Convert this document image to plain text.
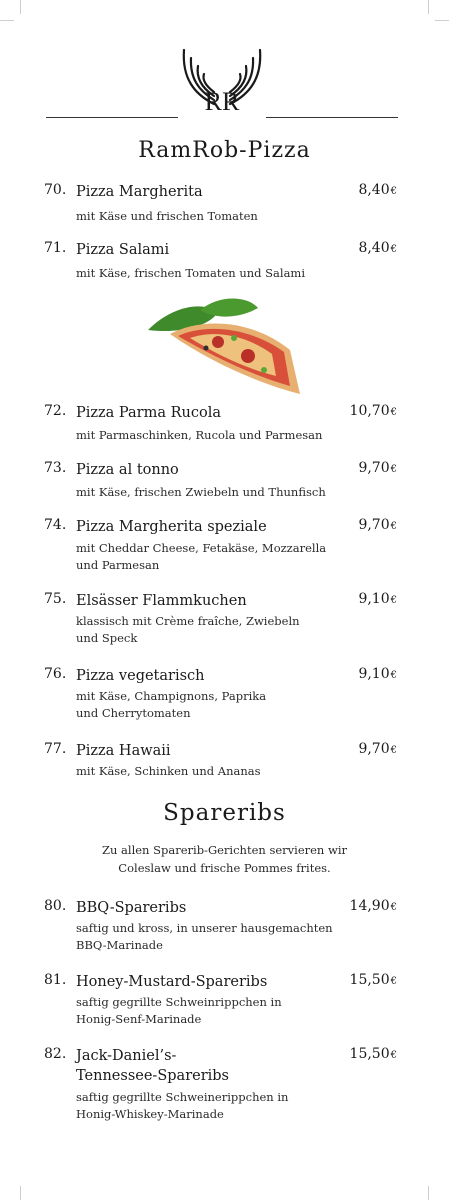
RR
RamRob-Pizza
70. Pizza Margherita	8,40€
mit Käse und frischen Tomaten
71. Pizza Salami	8,40€
mit Käse, frischen Tomaten und Salami
72. Pizza Parma Rucola	10,70€
mit Parmaschinken, Rucola und Parmesan
73. Pizza al tonno	9,70€
mit Käse, frischen Zwiebeln und Thunfisch
74. Pizza Margherita speziale	9,70€
mit Cheddar Cheese, Fetakäse, Mozzarella
und Parmesan
75. Elsässer Flammkuchen	9,10€
klassisch mit Crème fraîche, Zwiebeln
und Speck
76. Pizza vegetarisch	9,10€
mit Käse, Champignons, Paprika
und Cherrytomaten
77. Pizza Hawaii	9,70€
mit Käse, Schinken und Ananas
Spareribs
Zu allen Sparerib-Gerichten servieren wir
Coleslaw und frische Pommes frites.
80. BBQ-Spareribs	14,90€
saftig und kross, in unserer hausgemachten
BBQ-Marinade
81. Honey-Mustard-Spareribs	15,50€
saftig gegrillte Schweinrippchen in
Honig-Senf-Marinade
82. Jack-Daniel’s-
Tennessee-Spareribs
15,50€
saftig gegrillte Schweinerippchen in
Honig-Whiskey-Marinade
